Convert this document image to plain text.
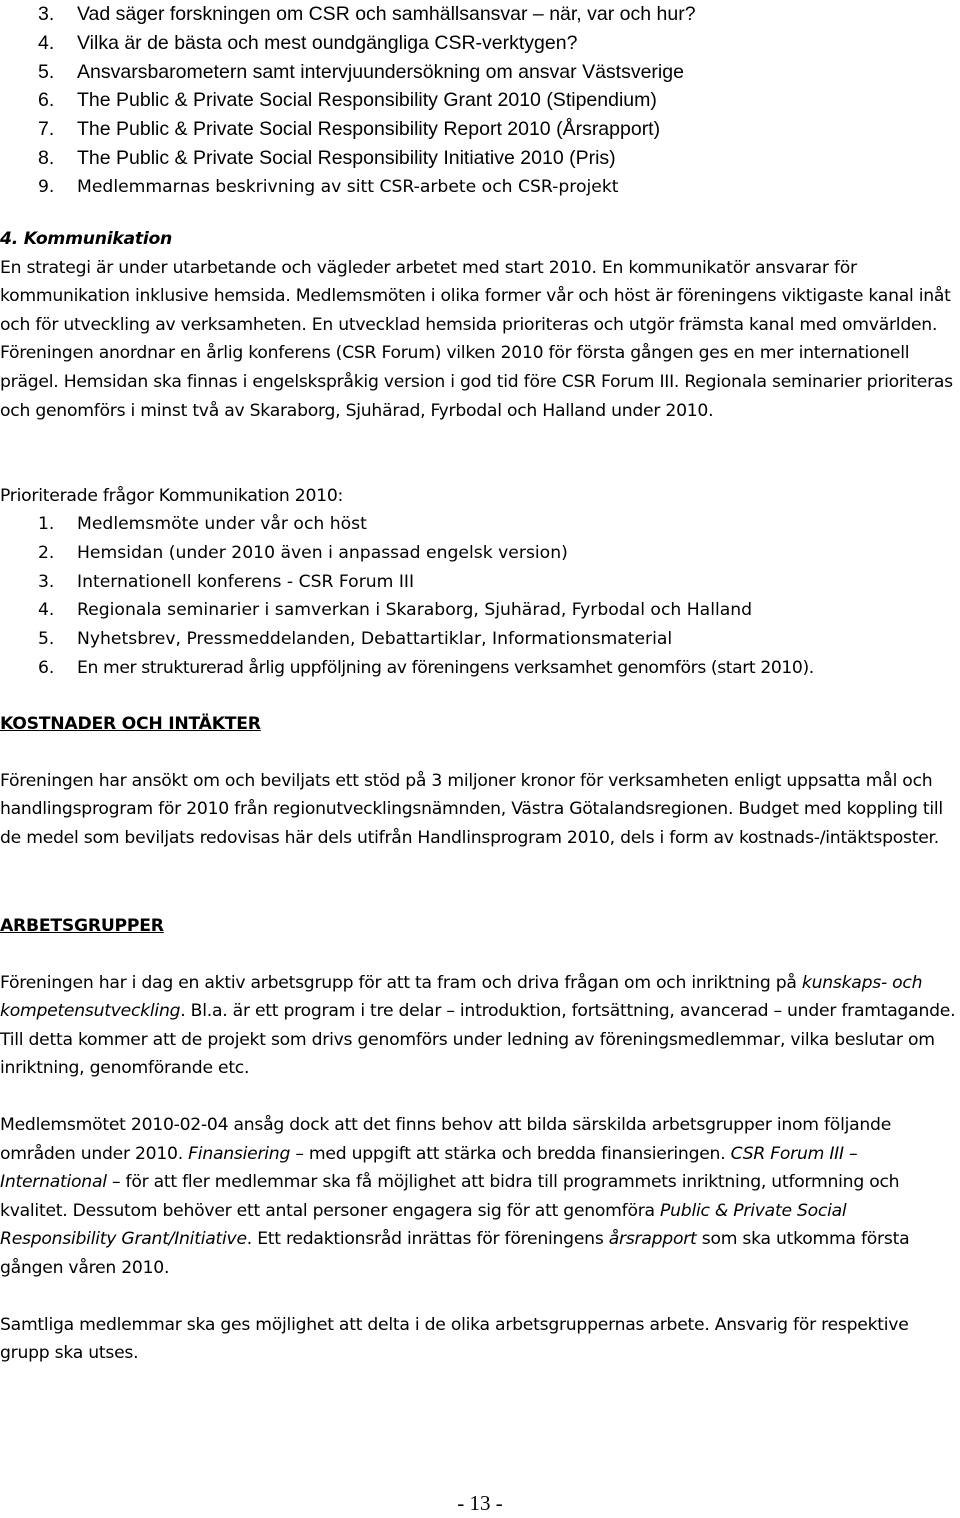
3. Vad säger forskningen om CSR och samhällsansvar – när, var och hur?
4. Vilka är de bästa och mest oundgängliga CSR-verktygen?
5. Ansvarsbarometern samt intervjuundersökning om ansvar Västsverige
6. The Public & Private Social Responsibility Grant 2010 (Stipendium)
7. The Public & Private Social Responsibility Report 2010 (Årsrapport)
8. The Public & Private Social Responsibility Initiative 2010 (Pris)
9. Medlemmarnas beskrivning av sitt CSR-arbete och CSR-projekt

4. Kommunikation

En strategi är under utarbetande och vägleder arbetet med start 2010. En kommunikatör ansvarar för kommunikation inklusive hemsida. Medlemsmöten i olika former vår och höst är föreningens viktigaste kanal inåt och för utveckling av verksamheten. En utvecklad hemsida prioriteras och utgör främsta kanal med omvärlden. Föreningen anordnar en årlig konferens (CSR Forum) vilken 2010 för första gången ges en mer internationell prägel. Hemsidan ska finnas i engelskspråkig version i god tid före CSR Forum III. Regionala seminarier prioriteras och genomförs i minst två av Skaraborg, Sjuhärad, Fyrbodal och Halland under 2010.

Prioriterade frågor Kommunikation 2010:

1. Medlemsmöte under vår och höst
2. Hemsidan (under 2010 även i anpassad engelsk version)
3. Internationell konferens - CSR Forum III
4. Regionala seminarier i samverkan i Skaraborg, Sjuhärad, Fyrbodal och Halland
5. Nyhetsbrev, Pressmeddelanden, Debattartiklar, Informationsmaterial
6. En mer strukturerad årlig uppföljning av föreningens verksamhet genomförs (start 2010).

KOSTNADER OCH INTÄKTER

Föreningen har ansökt om och beviljats ett stöd på 3 miljoner kronor för verksamheten enligt uppsatta mål och handlingsprogram för 2010 från regionutvecklingsnämnden, Västra Götalandsregionen. Budget med koppling till de medel som beviljats redovisas här dels utifrån Handlinsprogram 2010, dels i form av kostnads-/intäktsposter.

ARBETSGRUPPER

Föreningen har i dag en aktiv arbetsgrupp för att ta fram och driva frågan om och inriktning på kunskaps- och kompetensutveckling. Bl.a. är ett program i tre delar – introduktion, fortsättning, avancerad – under framtagande. Till detta kommer att de projekt som drivs genomförs under ledning av föreningsmedlemmar, vilka beslutar om inriktning, genomförande etc.

Medlemsmötet 2010-02-04 ansåg dock att det finns behov att bilda särskilda arbetsgrupper inom följande områden under 2010. Finansiering – med uppgift att stärka och bredda finansieringen. CSR Forum III – International – för att fler medlemmar ska få möjlighet att bidra till programmets inriktning, utformning och kvalitet. Dessutom behöver ett antal personer engagera sig för att genomföra Public & Private Social Responsibility Grant/Initiative. Ett redaktionsråd inrättas för föreningens årsrapport som ska utkomma första gången våren 2010.

Samtliga medlemmar ska ges möjlighet att delta i de olika arbetsgruppernas arbete. Ansvarig för respektive grupp ska utses.

- 13 -
